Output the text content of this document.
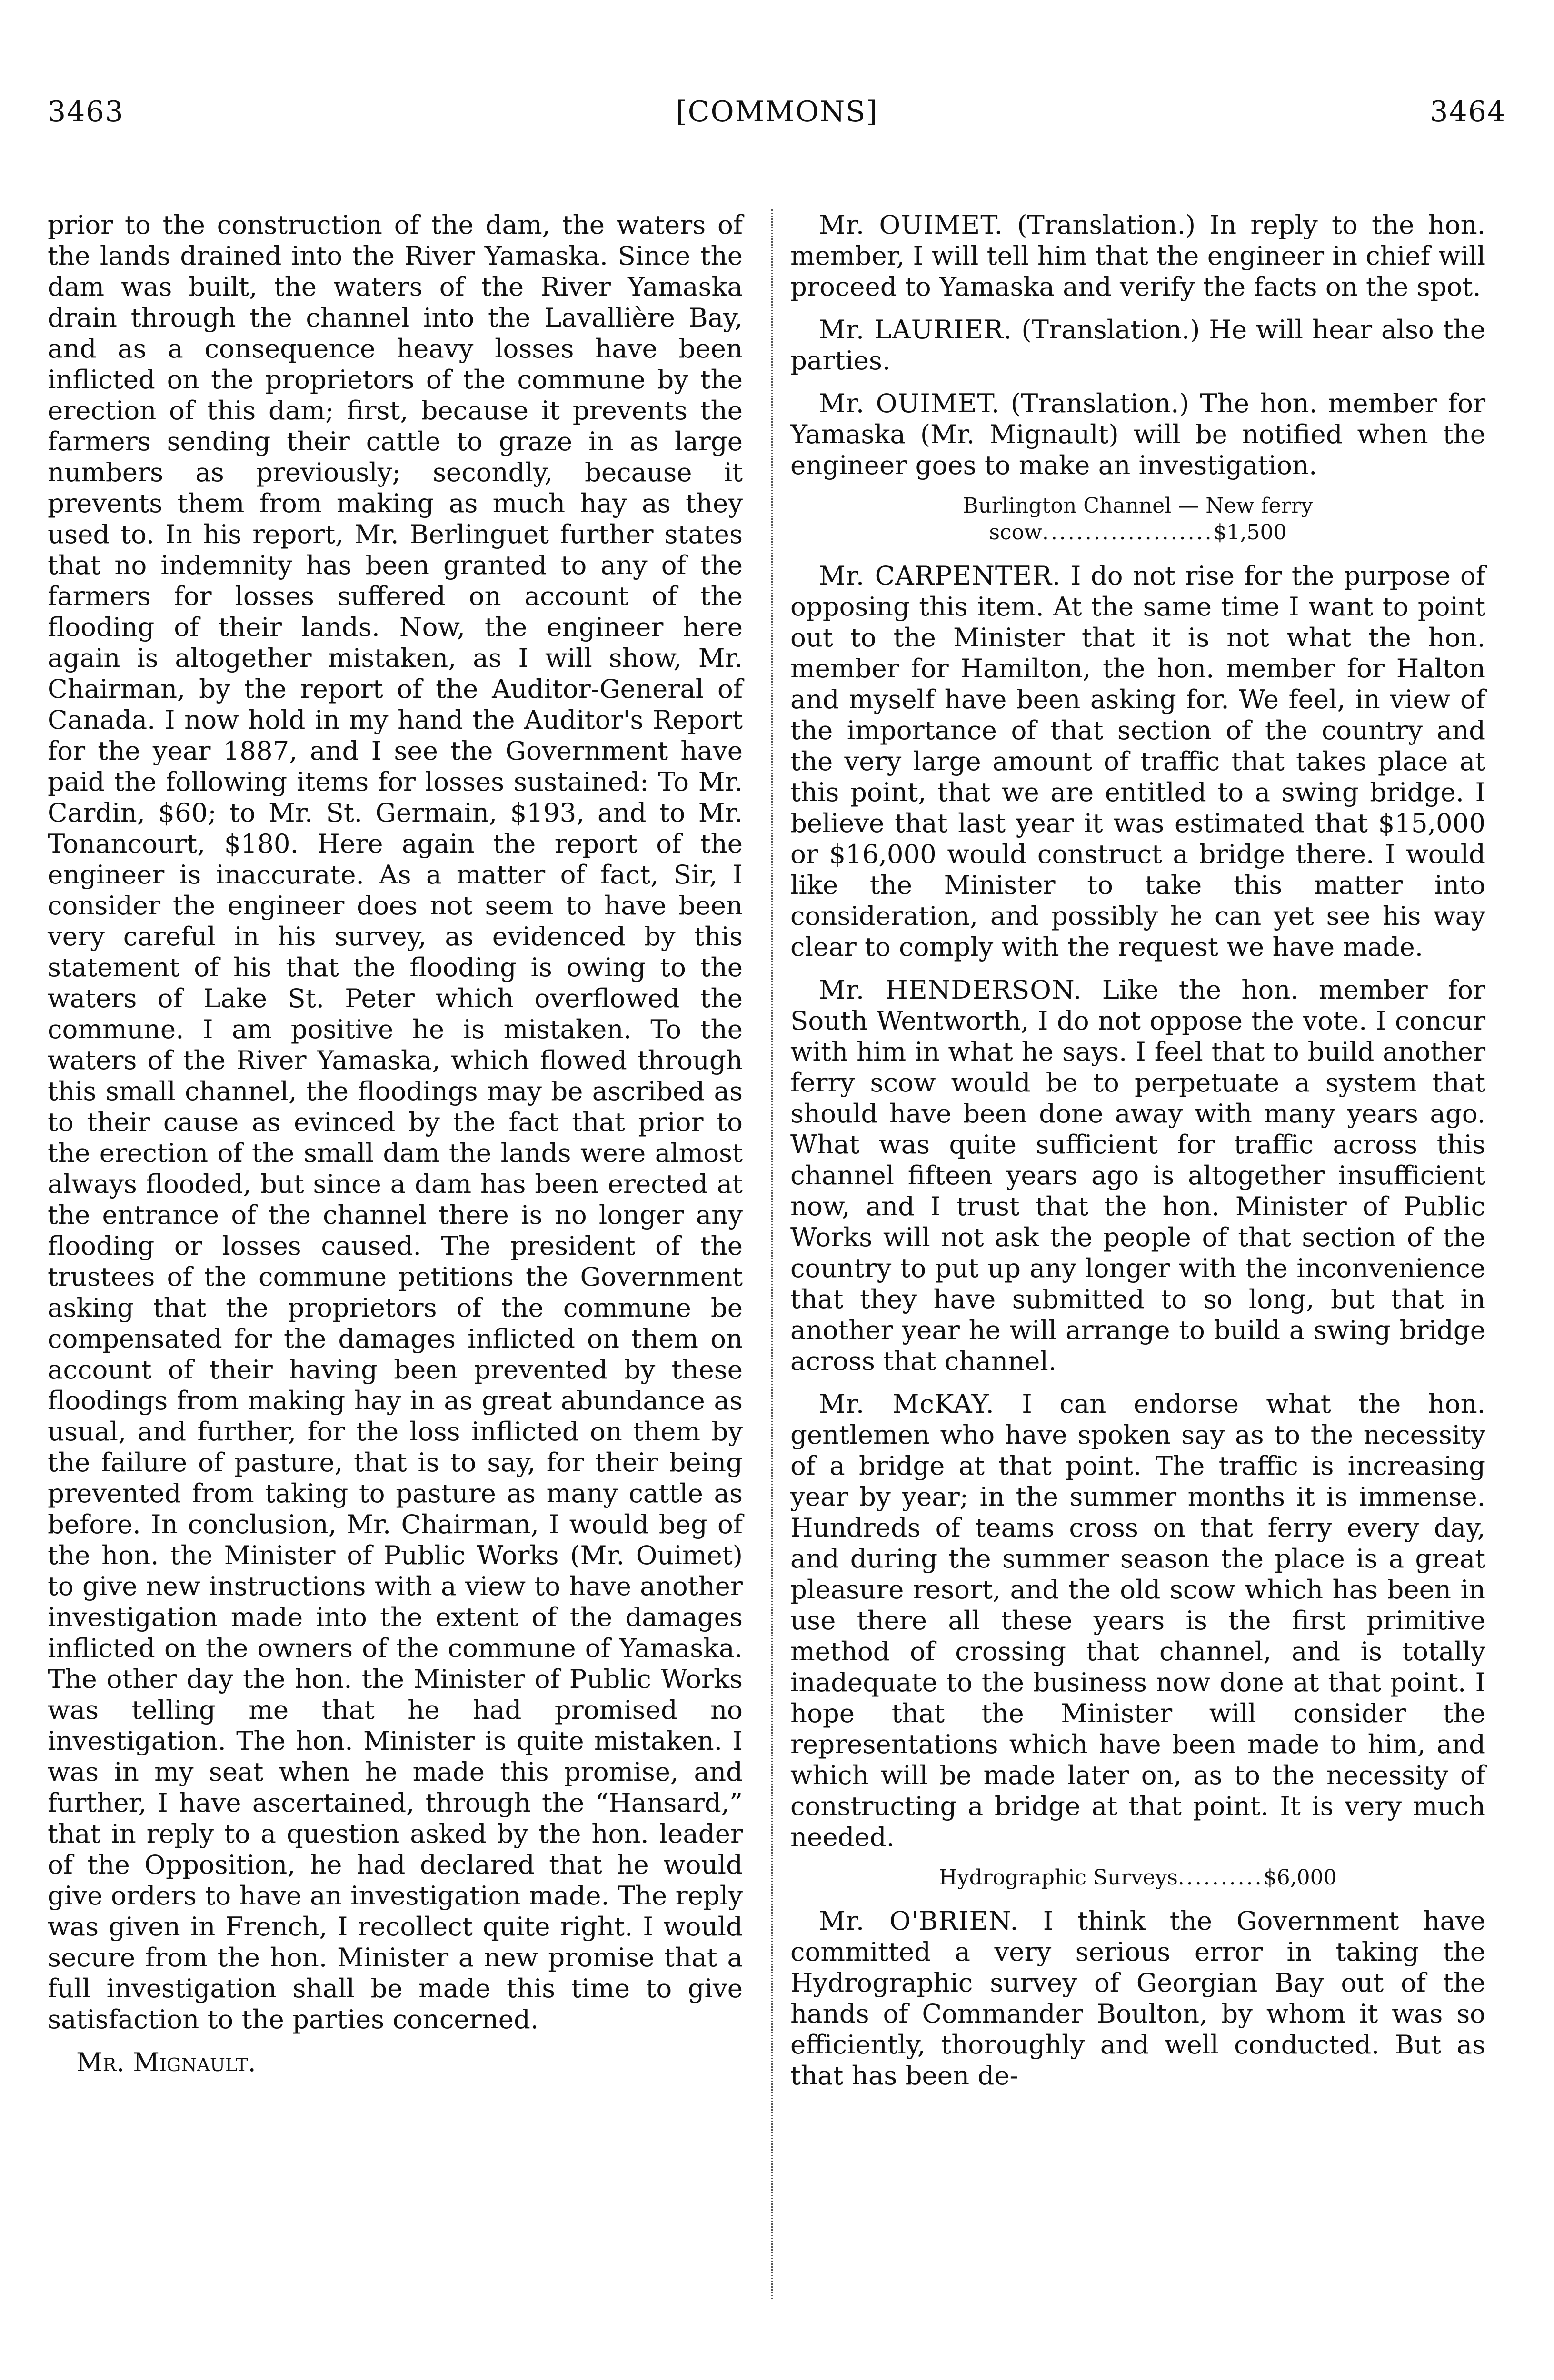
3463	[COMMONS]	3464

prior to the construction of the dam, the waters of the lands drained into the River Yamaska. Since the dam was built, the waters of the River Yamaska drain through the channel into the Lavallière Bay, and as a consequence heavy losses have been inflicted on the proprietors of the commune by the erection of this dam; first, because it prevents the farmers sending their cattle to graze in as large numbers as previously; secondly, because it prevents them from making as much hay as they used to. In his report, Mr. Berlinguet further states that no indemnity has been granted to any of the farmers for losses suffered on account of the flooding of their lands. Now, the engineer here again is altogether mistaken, as I will show, Mr. Chairman, by the report of the Auditor-General of Canada. I now hold in my hand the Auditor's Report for the year 1887, and I see the Government have paid the following items for losses sustained: To Mr. Cardin, $60; to Mr. St. Germain, $193, and to Mr. Tonancourt, $180. Here again the report of the engineer is inaccurate. As a matter of fact, Sir, I consider the engineer does not seem to have been very careful in his survey, as evidenced by this statement of his that the flooding is owing to the waters of Lake St. Peter which overflowed the commune. I am positive he is mistaken. To the waters of the River Yamaska, which flowed through this small channel, the floodings may be ascribed as to their cause as evinced by the fact that prior to the erection of the small dam the lands were almost always flooded, but since a dam has been erected at the entrance of the channel there is no longer any flooding or losses caused. The president of the trustees of the commune petitions the Government asking that the proprietors of the commune be compensated for the damages inflicted on them on account of their having been prevented by these floodings from making hay in as great abundance as usual, and further, for the loss inflicted on them by the failure of pasture, that is to say, for their being prevented from taking to pasture as many cattle as before. In conclusion, Mr. Chairman, I would beg of the hon. the Minister of Public Works (Mr. Ouimet) to give new instructions with a view to have another investigation made into the extent of the damages inflicted on the owners of the commune of Yamaska. The other day the hon. the Minister of Public Works was telling me that he had promised no investigation. The hon. Minister is quite mistaken. I was in my seat when he made this promise, and further, I have ascertained, through the “Hansard,” that in reply to a question asked by the hon. leader of the Opposition, he had declared that he would give orders to have an investigation made. The reply was given in French, I recollect quite right. I would secure from the hon. Minister a new promise that a full investigation shall be made this time to give satisfaction to the parties concerned.

Mr. Mignault.

Mr. OUIMET. (Translation.) In reply to the hon. member, I will tell him that the engineer in chief will proceed to Yamaska and verify the facts on the spot.

Mr. LAURIER. (Translation.) He will hear also the parties.

Mr. OUIMET. (Translation.) The hon. member for Yamaska (Mr. Mignault) will be notified when the engineer goes to make an investigation.

Burlington Channel — New ferry
scow....................$1,500

Mr. CARPENTER. I do not rise for the purpose of opposing this item. At the same time I want to point out to the Minister that it is not what the hon. member for Hamilton, the hon. member for Halton and myself have been asking for. We feel, in view of the importance of that section of the country and the very large amount of traffic that takes place at this point, that we are entitled to a swing bridge. I believe that last year it was estimated that $15,000 or $16,000 would construct a bridge there. I would like the Minister to take this matter into consideration, and possibly he can yet see his way clear to comply with the request we have made.

Mr. HENDERSON. Like the hon. member for South Wentworth, I do not oppose the vote. I concur with him in what he says. I feel that to build another ferry scow would be to perpetuate a system that should have been done away with many years ago. What was quite sufficient for traffic across this channel fifteen years ago is altogether insufficient now, and I trust that the hon. Minister of Public Works will not ask the people of that section of the country to put up any longer with the inconvenience that they have submitted to so long, but that in another year he will arrange to build a swing bridge across that channel.

Mr. McKAY. I can endorse what the hon. gentlemen who have spoken say as to the necessity of a bridge at that point. The traffic is increasing year by year; in the summer months it is immense. Hundreds of teams cross on that ferry every day, and during the summer season the place is a great pleasure resort, and the old scow which has been in use there all these years is the first primitive method of crossing that channel, and is totally inadequate to the business now done at that point. I hope that the Minister will consider the representations which have been made to him, and which will be made later on, as to the necessity of constructing a bridge at that point. It is very much needed.

Hydrographic Surveys..........$6,000

Mr. O'BRIEN. I think the Government have committed a very serious error in taking the Hydrographic survey of Georgian Bay out of the hands of Commander Boulton, by whom it was so efficiently, thoroughly and well conducted. But as that has been de-
